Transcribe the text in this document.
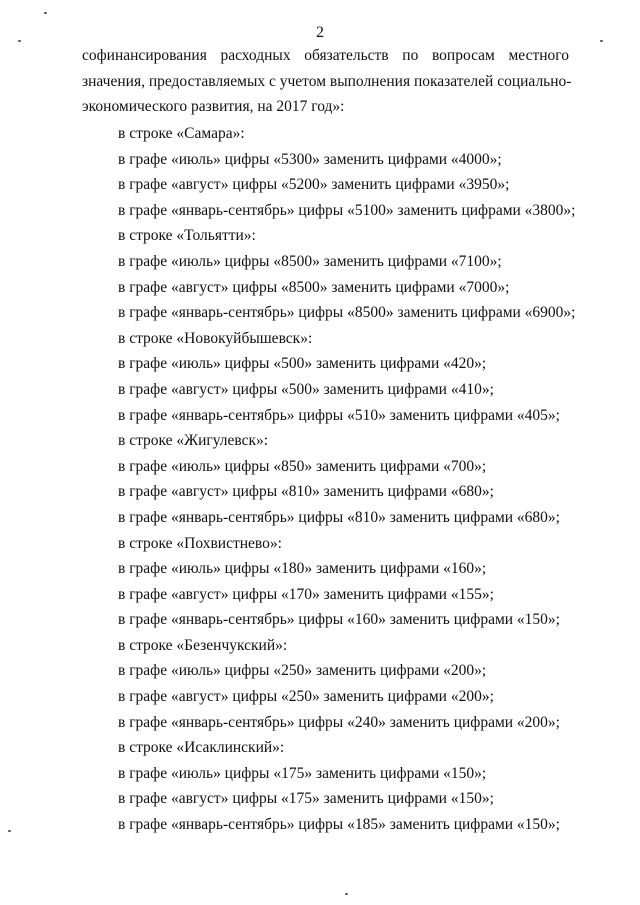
2
софинансирования расходных обязательств по вопросам местного
значения, предоставляемых с учетом выполнения показателей социально-
экономического развития, на 2017 год»:
в строке «Самара»:
в графе «июль» цифры «5300» заменить цифрами «4000»;
в графе «август» цифры «5200» заменить цифрами «3950»;
в графе «январь-сентябрь» цифры «5100» заменить цифрами «3800»;
в строке «Тольятти»:
в графе «июль» цифры «8500» заменить цифрами «7100»;
в графе «август» цифры «8500» заменить цифрами «7000»;
в графе «январь-сентябрь» цифры «8500» заменить цифрами «6900»;
в строке «Новокуйбышевск»:
в графе «июль» цифры «500» заменить цифрами «420»;
в графе «август» цифры «500» заменить цифрами «410»;
в графе «январь-сентябрь» цифры «510» заменить цифрами «405»;
в строке «Жигулевск»:
в графе «июль» цифры «850» заменить цифрами «700»;
в графе «август» цифры «810» заменить цифрами «680»;
в графе «январь-сентябрь» цифры «810» заменить цифрами «680»;
в строке «Похвистнево»:
в графе «июль» цифры «180» заменить цифрами «160»;
в графе «август» цифры «170» заменить цифрами «155»;
в графе «январь-сентябрь» цифры «160» заменить цифрами «150»;
в строке «Безенчукский»:
в графе «июль» цифры «250» заменить цифрами «200»;
в графе «август» цифры «250» заменить цифрами «200»;
в графе «январь-сентябрь» цифры «240» заменить цифрами «200»;
в строке «Исаклинский»:
в графе «июль» цифры «175» заменить цифрами «150»;
в графе «август» цифры «175» заменить цифрами «150»;
в графе «январь-сентябрь» цифры «185» заменить цифрами «150»;
